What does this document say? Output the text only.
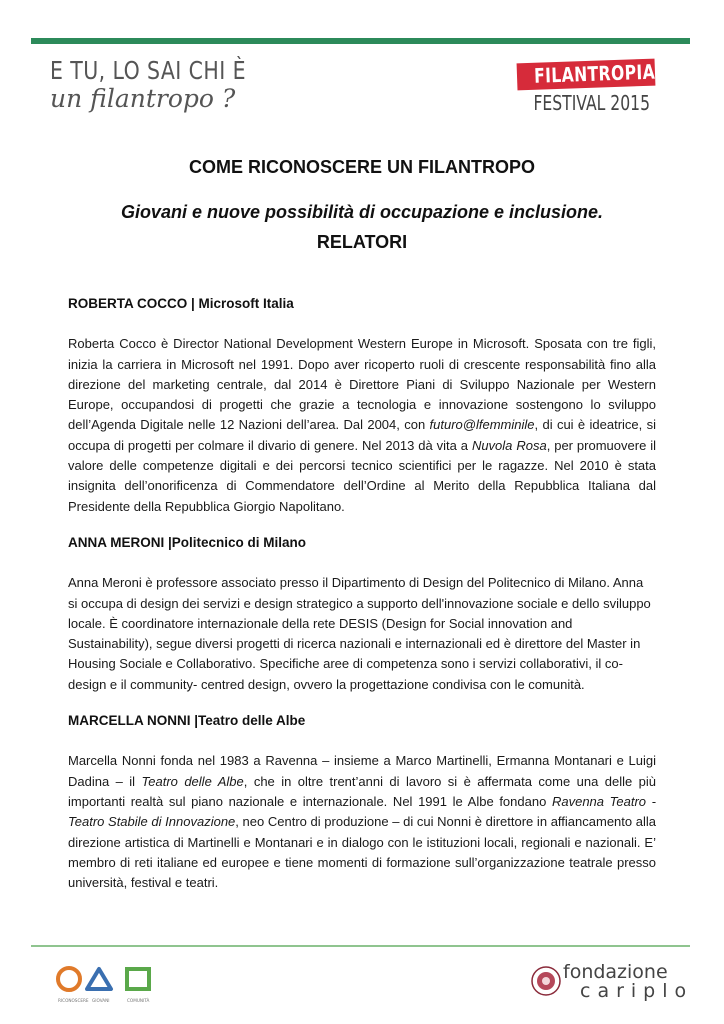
E TU, LO SAI CHI È
un filantropo ?
FILANTROPIA
FESTIVAL 2015
COME RICONOSCERE UN FILANTROPO
Giovani e nuove possibilità di occupazione e inclusione.
RELATORI
ROBERTA COCCO | Microsoft Italia

Roberta Cocco è Director National Development Western Europe in Microsoft. Sposata con tre figli, inizia la carriera in Microsoft nel 1991. Dopo aver ricoperto ruoli di crescente responsabilità fino alla direzione del marketing centrale, dal 2014 è Direttore Piani di Sviluppo Nazionale per Western Europe, occupandosi di progetti che grazie a tecnologia e innovazione sostengono lo sviluppo dell’Agenda Digitale nelle 12 Nazioni dell’area. Dal 2004, con futuro@lfemminile, di cui è ideatrice, si occupa di progetti per colmare il divario di genere. Nel 2013 dà vita a Nuvola Rosa, per promuovere il valore delle competenze digitali e dei percorsi tecnico scientifici per le ragazze. Nel 2010 è stata insignita dell’onorificenza di Commendatore dell’Ordine al Merito della Repubblica Italiana dal Presidente della Repubblica Giorgio Napolitano.

ANNA MERONI |Politecnico di Milano

Anna Meroni è professore associato presso il Dipartimento di Design del Politecnico di Milano. Anna si occupa di design dei servizi e design strategico a supporto dell'innovazione sociale e dello sviluppo locale. È coordinatore internazionale della rete DESIS (Design for Social innovation and Sustainability), segue diversi progetti di ricerca nazionali e internazionali ed è direttore del Master in Housing Sociale e Collaborativo. Specifiche aree di competenza sono i servizi collaborativi, il co-design e il community- centred design, ovvero la progettazione condivisa con le comunità.

MARCELLA NONNI |Teatro delle Albe

Marcella Nonni fonda nel 1983 a Ravenna – insieme a Marco Martinelli, Ermanna Montanari e Luigi Dadina – il Teatro delle Albe, che in oltre trent’anni di lavoro si è affermata come una delle più importanti realtà sul piano nazionale e internazionale. Nel 1991 le Albe fondano Ravenna Teatro - Teatro Stabile di Innovazione, neo Centro di produzione – di cui Nonni è direttore in affiancamento alla direzione artistica di Martinelli e Montanari e in dialogo con le istituzioni locali, regionali e nazionali. E’ membro di reti italiane ed europee e tiene momenti di formazione sull’organizzazione teatrale presso università, festival e teatri.

RICONOSCERE GIOVANI	COMUNITÀ
fondazione
cariplo
